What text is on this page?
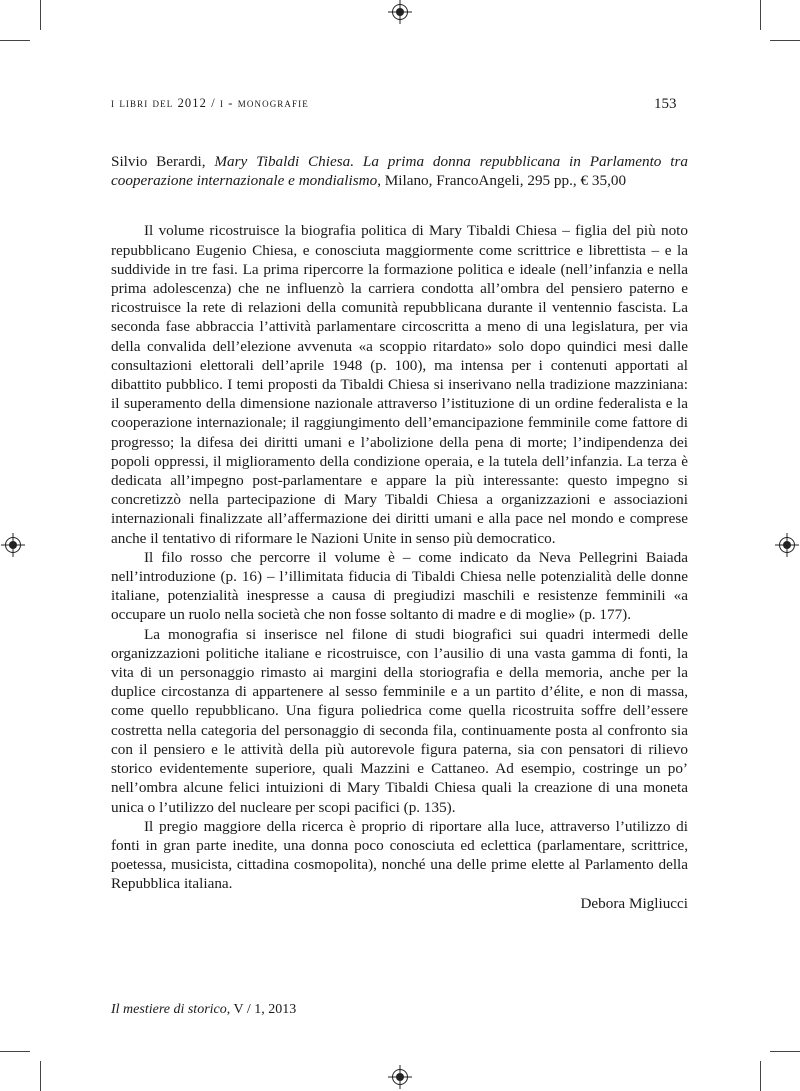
i libri del 2012 / i - monografie	153

Silvio Berardi, Mary Tibaldi Chiesa. La prima donna repubblicana in Parlamento tra cooperazione internazionale e mondialismo, Milano, FrancoAngeli, 295 pp., € 35,00

Il volume ricostruisce la biografia politica di Mary Tibaldi Chiesa – figlia del più noto repubblicano Eugenio Chiesa, e conosciuta maggiormente come scrittrice e librettista – e la suddivide in tre fasi. La prima ripercorre la formazione politica e ideale (nell’infanzia e nella prima adolescenza) che ne influenzò la carriera condotta all’ombra del pensiero paterno e ricostruisce la rete di relazioni della comunità repubblicana durante il ventennio fascista. La seconda fase abbraccia l’attività parlamentare circoscritta a meno di una legislatura, per via della convalida dell’elezione avvenuta «a scoppio ritardato» solo dopo quindici mesi dalle consultazioni elettorali dell’aprile 1948 (p. 100), ma intensa per i contenuti apportati al dibattito pubblico. I temi proposti da Tibaldi Chiesa si inserivano nella tradizione mazziniana: il superamento della dimensione nazionale attraverso l’istituzione di un ordine federalista e la cooperazione internazionale; il raggiungimento dell’emancipazione femminile come fattore di progresso; la difesa dei diritti umani e l’abolizione della pena di morte; l’indipendenza dei popoli oppressi, il miglioramento della condizione operaia, e la tutela dell’infanzia. La terza è dedicata all’impegno post-parlamentare e appare la più interessante: questo impegno si concretizzò nella partecipazione di Mary Tibaldi Chiesa a organizzazioni e associazioni internazionali finalizzate all’affermazione dei diritti umani e alla pace nel mondo e comprese anche il tentativo di riformare le Nazioni Unite in senso più democratico.

Il filo rosso che percorre il volume è – come indicato da Neva Pellegrini Baiada nell’introduzione (p. 16) – l’illimitata fiducia di Tibaldi Chiesa nelle potenzialità delle donne italiane, potenzialità inespresse a causa di pregiudizi maschili e resistenze femminili «a occupare un ruolo nella società che non fosse soltanto di madre e di moglie» (p. 177).

La monografia si inserisce nel filone di studi biografici sui quadri intermedi delle organizzazioni politiche italiane e ricostruisce, con l’ausilio di una vasta gamma di fonti, la vita di un personaggio rimasto ai margini della storiografia e della memoria, anche per la duplice circostanza di appartenere al sesso femminile e a un partito d’élite, e non di massa, come quello repubblicano. Una figura poliedrica come quella ricostruita soffre dell’essere costretta nella categoria del personaggio di seconda fila, continuamente posta al confronto sia con il pensiero e le attività della più autorevole figura paterna, sia con pensatori di rilievo storico evidentemente superiore, quali Mazzini e Cattaneo. Ad esempio, costringe un po’ nell’ombra alcune felici intuizioni di Mary Tibaldi Chiesa quali la creazione di una moneta unica o l’utilizzo del nucleare per scopi pacifici (p. 135).

Il pregio maggiore della ricerca è proprio di riportare alla luce, attraverso l’utilizzo di fonti in gran parte inedite, una donna poco conosciuta ed eclettica (parlamentare, scrittrice, poetessa, musicista, cittadina cosmopolita), nonché una delle prime elette al Parlamento della Repubblica italiana.

Debora Migliucci

Il mestiere di storico, V / 1, 2013
